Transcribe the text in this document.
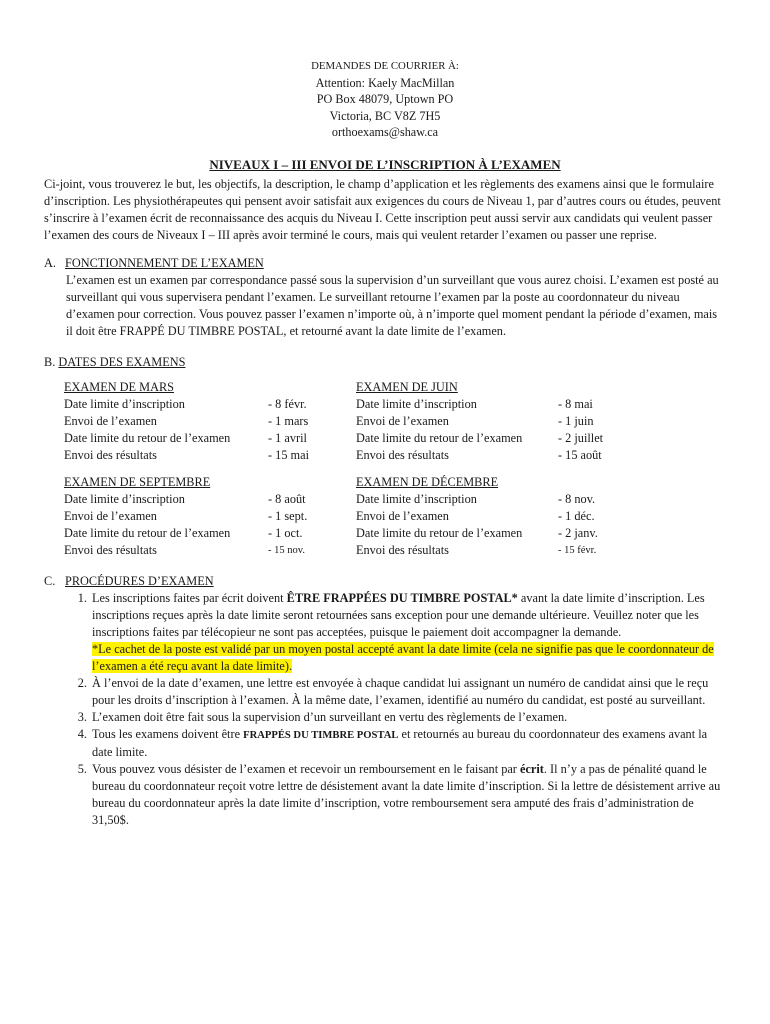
DEMANDES DE COURRIER À:
Attention: Kaely MacMillan
PO Box 48079, Uptown PO
Victoria, BC V8Z 7H5
orthoexams@shaw.ca
NIVEAUX I – III ENVOI DE L’INSCRIPTION À L’EXAMEN
Ci-joint, vous trouverez le but, les objectifs, la description, le champ d’application et les règlements des examens ainsi que le formulaire d’inscription. Les physiothérapeutes qui pensent avoir satisfait aux exigences du cours de Niveau 1, par d’autres cours ou études, peuvent s’inscrire à l’examen écrit de reconnaissance des acquis du Niveau I. Cette inscription peut aussi servir aux candidats qui veulent passer l’examen des cours de Niveaux I – III après avoir terminé le cours, mais qui veulent retarder l’examen ou passer une reprise.
A. FONCTIONNEMENT DE L’EXAMEN
L’examen est un examen par correspondance passé sous la supervision d’un surveillant que vous aurez choisi. L’examen est posté au surveillant qui vous supervisera pendant l’examen. Le surveillant retourne l’examen par la poste au coordonnateur du niveau d’examen pour correction. Vous pouvez passer l’examen n’importe où, à n’importe quel moment pendant la période d’examen, mais il doit être FRAPPÉ DU TIMBRE POSTAL, et retourné avant la date limite de l’examen.
B.
DATES DES EXAMENS
EXAMEN DE MARS
Date limite d’inscription	- 8 févr.
Envoi de l’examen	- 1 mars
Date limite du retour de l’examen	- 1 avril
Envoi des résultats	- 15 mai
EXAMEN DE JUIN
Date limite d’inscription	- 8 mai
Envoi de l’examen	- 1 juin
Date limite du retour de l’examen	- 2 juillet
Envoi des résultats	- 15 août
EXAMEN DE SEPTEMBRE
Date limite d’inscription	- 8 août
Envoi de l’examen	- 1 sept.
Date limite du retour de l’examen	- 1 oct.
Envoi des résultats	- 15 nov.
EXAMEN DE DÉCEMBRE
Date limite d’inscription	- 8 nov.
Envoi de l’examen	- 1 déc.
Date limite du retour de l’examen	- 2 janv.
Envoi des résultats	- 15 févr.
C. PROCÉDURES D’EXAMEN
1. Les inscriptions faites par écrit doivent ÊTRE FRAPPÉES DU TIMBRE POSTAL* avant la date limite d’inscription. Les inscriptions reçues après la date limite seront retournées sans exception pour une demande ultérieure. Veuillez noter que les inscriptions faites par télécopieur ne sont pas acceptées, puisque le paiement doit accompagner la demande.
*Le cachet de la poste est validé par un moyen postal accepté avant la date limite (cela ne signifie pas que le coordonnateur de l’examen a été reçu avant la date limite).
2. À l’envoi de la date d’examen, une lettre est envoyée à chaque candidat lui assignant un numéro de candidat ainsi que le reçu pour les droits d’inscription à l’examen. À la même date, l’examen, identifié au numéro du candidat, est posté au surveillant.
3. L’examen doit être fait sous la supervision d’un surveillant en vertu des règlements de l’examen.
4. Tous les examens doivent être FRAPPÉS DU TIMBRE POSTAL et retournés au bureau du coordonnateur des examens avant la date limite.
5. Vous pouvez vous désister de l’examen et recevoir un remboursement en le faisant par écrit. Il n’y a pas de pénalité quand le bureau du coordonnateur reçoit votre lettre de désistement avant la date limite d’inscription. Si la lettre de désistement arrive au bureau du coordonnateur après la date limite d’inscription, votre remboursement sera amputé des frais d’administration de 31,50$.
